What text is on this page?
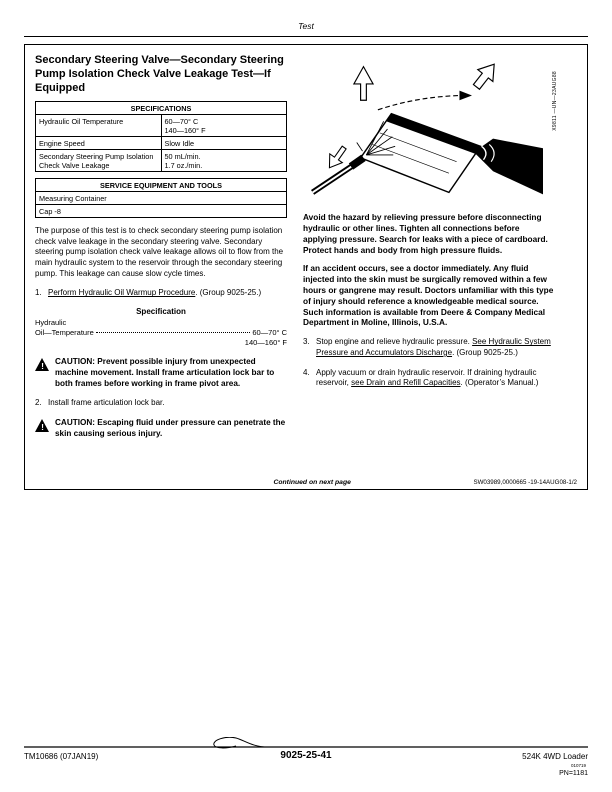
Test
Secondary Steering Valve—Secondary Steering Pump Isolation Check Valve Leakage Test—If Equipped
SPECIFICATIONS	
Hydraulic Oil Temperature	60—70° C
140—160° F

Engine Speed	Slow Idle

Secondary Steering Pump Isolation Check Valve Leakage	50 mL/min.
1.7 oz./min.
SERVICE EQUIPMENT AND TOOLS
Measuring Container
Cap -8

The purpose of this test is to check secondary steering pump isolation check valve leakage in the secondary steering valve. Secondary steering pump isolation check valve leakage allows oil to flow from the main hydraulic system to the reservoir through the secondary steering pump. This leakage can cause slow cycle times.

1. Perform Hydraulic Oil Warmup Procedure. (Group 9025-25.)
Specification
Hydraulic
Oil—Temperature	60—70° C
140—160° F
!
CAUTION: Prevent possible injury from unexpected machine movement. Install frame articulation lock bar to both frames before working in frame pivot area.
2. Install frame articulation lock bar.
!
CAUTION: Escaping fluid under pressure can penetrate the skin causing serious injury.
X9811 —UN—23AUG88

Avoid the hazard by relieving pressure before disconnecting hydraulic or other lines. Tighten all connections before applying pressure. Search for leaks with a piece of cardboard. Protect hands and body from high pressure fluids.

If an accident occurs, see a doctor immediately. Any fluid injected into the skin must be surgically removed within a few hours or gangrene may result. Doctors unfamiliar with this type of injury should reference a knowledgeable medical source. Such information is available from Deere & Company Medical Department in Moline, Illinois, U.S.A.

3. Stop engine and relieve hydraulic pressure. See Hydraulic System Pressure and Accumulators Discharge. (Group 9025-25.)
4. Apply vacuum or drain hydraulic reservoir. If draining hydraulic reservoir, see Drain and Refill Capacities. (Operator’s Manual.)
Continued on next page	SW03989,0000665 -19-14AUG08-1/2
TM10686 (07JAN19)	9025-25-41	524K 4WD Loader
010719
PN=1181
